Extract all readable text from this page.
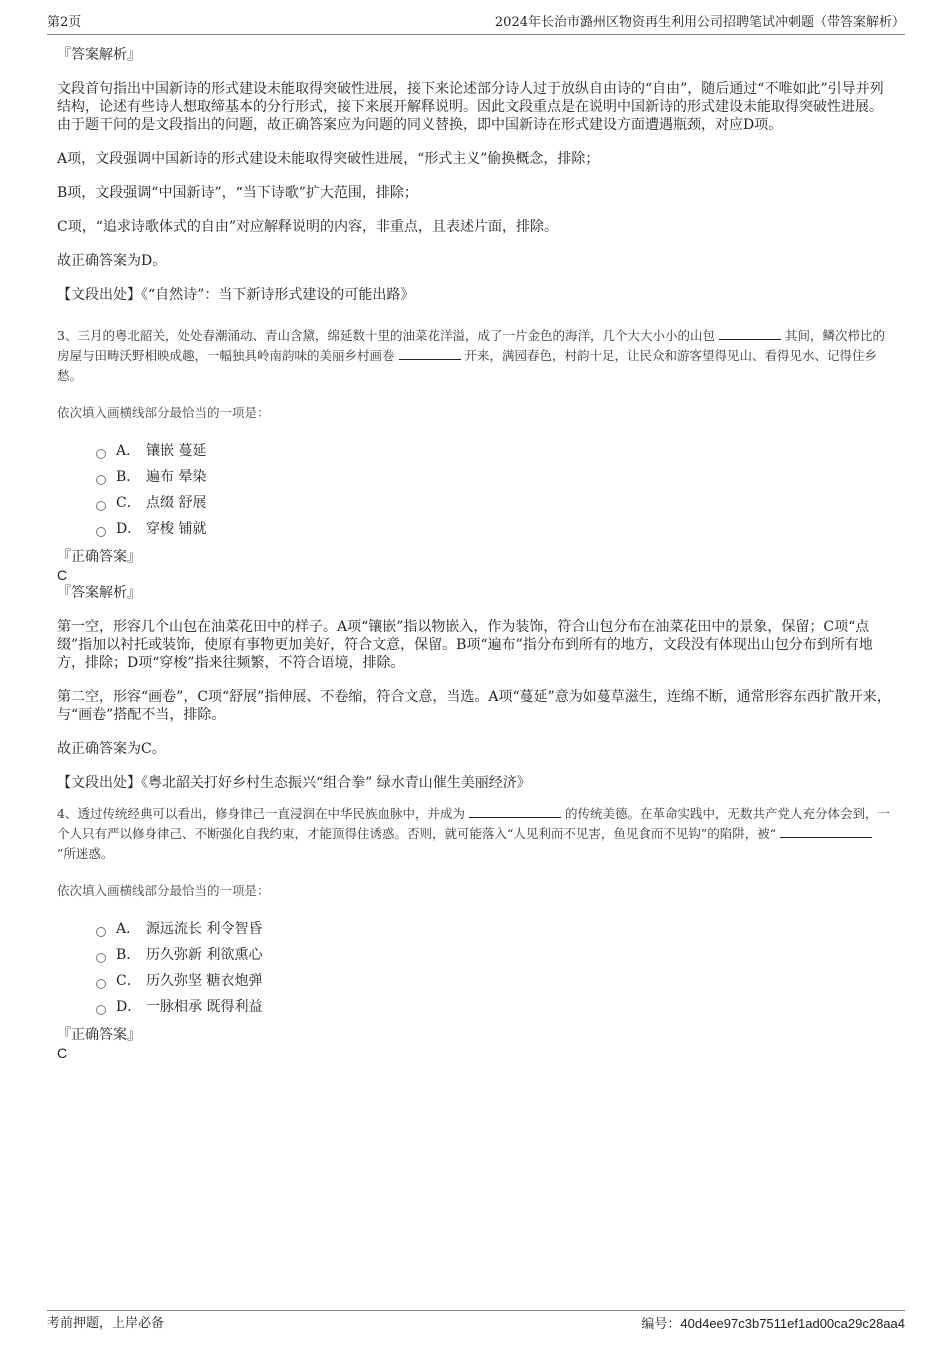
第2页	2024年长治市潞州区物资再生利用公司招聘笔试冲刺题（带答案解析）
『答案解析』

文段首句指出中国新诗的形式建设未能取得突破性进展，接下来论述部分诗人过于放纵自由诗的“自由”，随后通过“不唯如此”引导并列结构，论述有些诗人想取缔基本的分行形式，接下来展开解释说明。因此文段重点是在说明中国新诗的形式建设未能取得突破性进展。由于题干问的是文段指出的问题，故正确答案应为问题的同义替换，即中国新诗在形式建设方面遭遇瓶颈，对应D项。

A项，文段强调中国新诗的形式建设未能取得突破性进展，“形式主义”偷换概念，排除；

B项，文段强调“中国新诗”，“当下诗歌”扩大范围，排除；

C项，“追求诗歌体式的自由”对应解释说明的内容，非重点，且表述片面，排除。

故正确答案为D。

【文段出处】《“自然诗”：当下新诗形式建设的可能出路》

3、三月的粤北韶关，处处春潮涌动、青山含黛，绵延数十里的油菜花洋溢，成了一片金色的海洋，几个大大小小的山包	其间，鳞次栉比的房屋与田畴沃野相映成趣，一幅独具岭南韵味的美丽乡村画卷	开来，满园春色，村韵十足，让民众和游客望得见山、看得见水、记得住乡愁。

依次填入画横线部分最恰当的一项是：

A． 镶嵌 蔓延
B． 遍布 晕染
C． 点缀 舒展
D． 穿梭 铺就
『正确答案』
C
『答案解析』

第一空，形容几个山包在油菜花田中的样子。A项“镶嵌”指以物嵌入，作为装饰，符合山包分布在油菜花田中的景象，保留；C项“点缀”指加以衬托或装饰，使原有事物更加美好，符合文意，保留。B项“遍布”指分布到所有的地方，文段没有体现出山包分布到所有地方，排除；D项“穿梭”指来往频繁，不符合语境，排除。

第二空，形容“画卷”，C项“舒展”指伸展、不卷缩，符合文意，当选。A项“蔓延”意为如蔓草滋生，连绵不断，通常形容东西扩散开来，与“画卷”搭配不当，排除。

故正确答案为C。

【文段出处】《粤北韶关打好乡村生态振兴“组合拳” 绿水青山催生美丽经济》

4、透过传统经典可以看出，修身律己一直浸润在中华民族血脉中，并成为	的传统美德。在革命实践中，无数共产党人充分体会到，一个人只有严以修身律己、不断强化自我约束，才能顶得住诱惑。否则，就可能落入“人见利而不见害，鱼见食而不见钩”的陷阱，被“  ”所迷惑。

依次填入画横线部分最恰当的一项是：

A． 源远流长 利令智昏
B． 历久弥新 利欲熏心
C． 历久弥坚 糖衣炮弹
D． 一脉相承 既得利益
『正确答案』
C
考前押题，上岸必备	编号：40d4ee97c3b7511ef1ad00ca29c28aa4
